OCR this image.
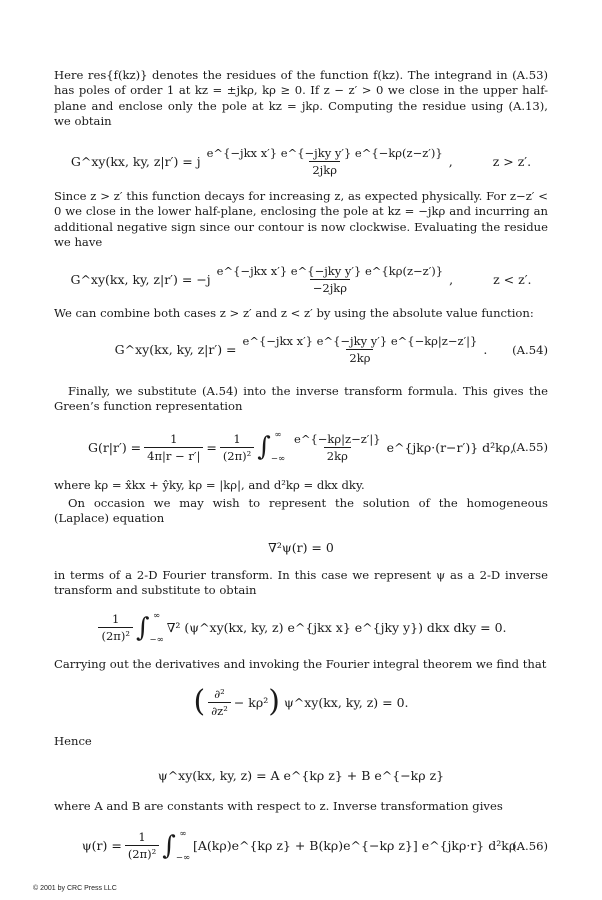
Here res{f(kz)} denotes the residues of the function f(kz). The integrand in (A.53) has poles of order 1 at kz = ±jkρ, kρ ≥ 0. If z − z′ > 0 we close in the upper half-plane and enclose only the pole at kz = jkρ. Computing the residue using (A.13), we obtain

G^xy(kx, ky, z|r′) = j $\frac{\text{e\textasciicircum{}\{−jkx x′\} e\textasciicircum{}\{−jky y′\} e\textasciicircum{}\{−kρ(z−z′)\}}}{\text{2jkρ}}$ ,	z > z′.

Since z > z′ this function decays for increasing z, as expected physically. For z−z′ < 0 we close in the lower half-plane, enclosing the pole at kz = −jkρ and incurring an additional negative sign since our contour is now clockwise. Evaluating the residue we have

G^xy(kx, ky, $z|r') = -j \frac{\text{e\textasciicircum{}\{−jkx x′\} e\textasciicircum{}\{−jky y′\} e\textasciicircum{}\{kρ(z−z′)\}}}{\text{−2jkρ}}$ ,	z < z′.

We can combine both cases z > z′ and z < z′ by using the absolute value function:

G^xy(kx, ky, $z|r') = \frac{\text{e\textasciicircum{}\{−jkx x′\} e\textasciicircum{}\{−jky y′\} e\textasciicircum{}\{−kρ|z−z′|\}}}{2k\rho}$ . (A.54)

Finally, we substitute (A.54) into the inverse transform formula. This gives the Green’s function representation

$G(r|r') = \frac{1}{4\pi|r - r'|} = \frac{1}{\text{(2π)²}}$ ∫ ∞
−∞ $\frac{e\^{}\{-k\rho|z-z'|\}}{2k\rho}$ e^{jkρ·(r−r′)} d²kρ,
(A.55)

where kρ = x̂kx + ŷky, kρ = |kρ|, and d²kρ = dkx dky.

On occasion we may wish to represent the solution of the homogeneous (Laplace) equation

∇²ψ(r) = 0

in terms of a 2-D Fourier transform. In this case we represent ψ as a 2-D inverse transform and substitute to obtain

$\frac{1}{\text{(2π)²}}$ ∫ ∞
−∞
∇² (ψ^xy(kx, ky, z) e^{jkx x} e^{jky y}) dkx dky = 0.

Carrying out the derivatives and invoking the Fourier integral theorem we find that

( $\frac{\text{∂²}}{\text{∂z²}} - k\rho^2$ ) ψ^xy(kx, ky, z) = 0.

Hence

ψ^xy(kx, ky, z) = A e^{kρ z} + B e^{−kρ z}

where A and B are constants with respect to z. Inverse transformation gives

$\psi(r) = \frac{1}{\text{(2π)²}}$ ∫ ∞
−∞
[A(kρ)e^{kρ z} + B(kρ)e^{−kρ z}] e^{jkρ·r} d²kρ.
(A.56)
© 2001 by CRC Press LLC
